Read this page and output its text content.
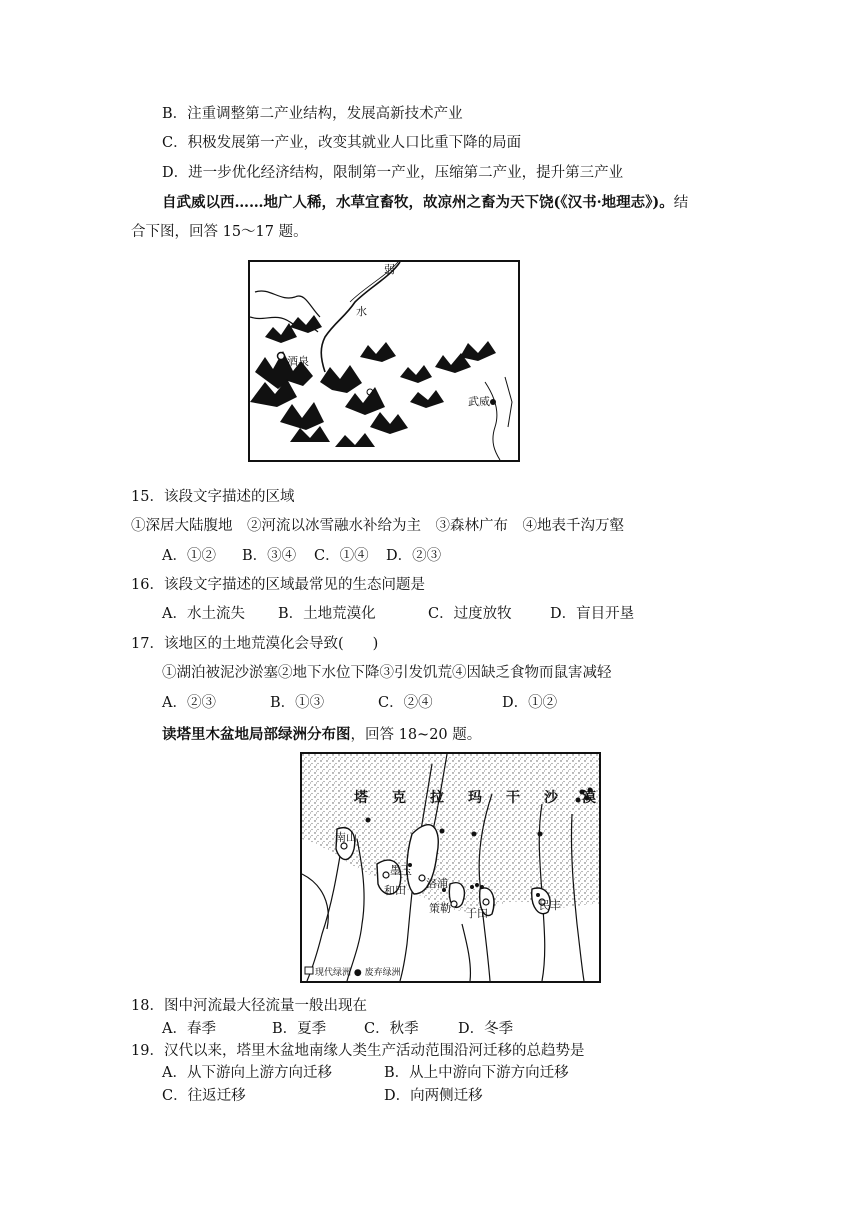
B．注重调整第二产业结构，发展高新技术产业
C．积极发展第一产业，改变其就业人口比重下降的局面
D．进一步优化经济结构，限制第一产业，压缩第二产业，提升第三产业
自武威以西……地广人稀，水草宜畜牧，故凉州之畜为天下饶(《汉书·地理志》)。结
合下图，回答 15～17 题。
弱
水
酒泉
武威
15．该段文字描述的区域
①深居大陆腹地　②河流以冰雪融水补给为主　③森林广布　④地表千沟万壑
A．①② B．③④ C．①④ D．②③
16．该段文字描述的区域最常见的生态问题是
A．水土流失 B．土地荒漠化	C．过度放牧	D．盲目开垦
17．该地区的土地荒漠化会导致(　　)
①湖泊被泥沙淤塞②地下水位下降③引发饥荒④因缺乏食物而鼠害减轻
A．②③	B．①③	C．②④	D．①②
读塔里木盆地局部绿洲分布图，回答 18~20 题。
塔 克 拉 玛 干 沙 漠
南山
墨玉
和田
洛浦
策勒 于田
民丰
现代绿洲 ● 废弃绿洲
18．图中河流最大径流量一般出现在
A．春季	B．夏季	C．秋季	D．冬季
19．汉代以来，塔里木盆地南缘人类生产活动范围沿河迁移的总趋势是
A．从下游向上游方向迁移	B．从上中游向下游方向迁移
C．往返迁移	D．向两侧迁移
